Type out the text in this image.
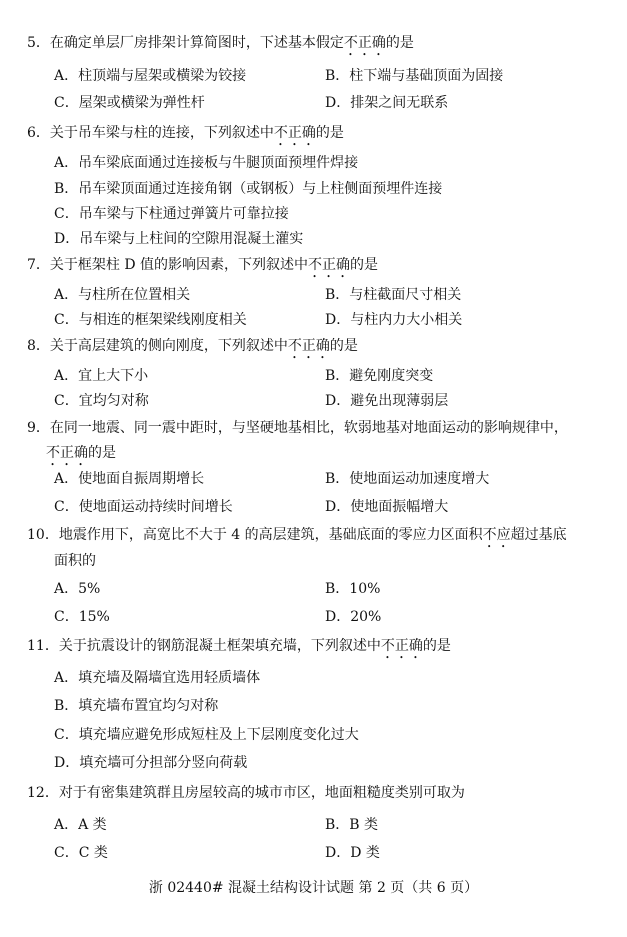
5．在确定单层厂房排架计算简图时，下述基本假定不正确的是
A．柱顶端与屋架或横梁为铰接	B．柱下端与基础顶面为固接
C．屋架或横梁为弹性杆	D．排架之间无联系
6．关于吊车梁与柱的连接，下列叙述中不正确的是
A．吊车梁底面通过连接板与牛腿顶面预埋件焊接
B．吊车梁顶面通过连接角钢（或钢板）与上柱侧面预埋件连接
C．吊车梁与下柱通过弹簧片可靠拉接
D．吊车梁与上柱间的空隙用混凝土灌实
7．关于框架柱 D 值的影响因素，下列叙述中不正确的是
A．与柱所在位置相关	B．与柱截面尺寸相关
C．与相连的框架梁线刚度相关	D．与柱内力大小相关
8．关于高层建筑的侧向刚度，下列叙述中不正确的是
A．宜上大下小	B．避免刚度突变
C．宜均匀对称	D．避免出现薄弱层
9．在同一地震、同一震中距时，与坚硬地基相比，软弱地基对地面运动的影响规律中，
不正确的是
A．使地面自振周期增长	B．使地面运动加速度增大
C．使地面运动持续时间增长	D．使地面振幅增大
10．地震作用下，高宽比不大于 4 的高层建筑，基础底面的零应力区面积不应超过基底
面积的
A．5%	B．10%
C．15%	D．20%
11．关于抗震设计的钢筋混凝土框架填充墙，下列叙述中不正确的是
A．填充墙及隔墙宜选用轻质墙体
B．填充墙布置宜均匀对称
C．填充墙应避免形成短柱及上下层刚度变化过大
D．填充墙可分担部分竖向荷载
12．对于有密集建筑群且房屋较高的城市市区，地面粗糙度类别可取为
A．A 类	B．B 类
C．C 类	D．D 类
浙 02440# 混凝土结构设计试题 第 2 页（共 6 页）
